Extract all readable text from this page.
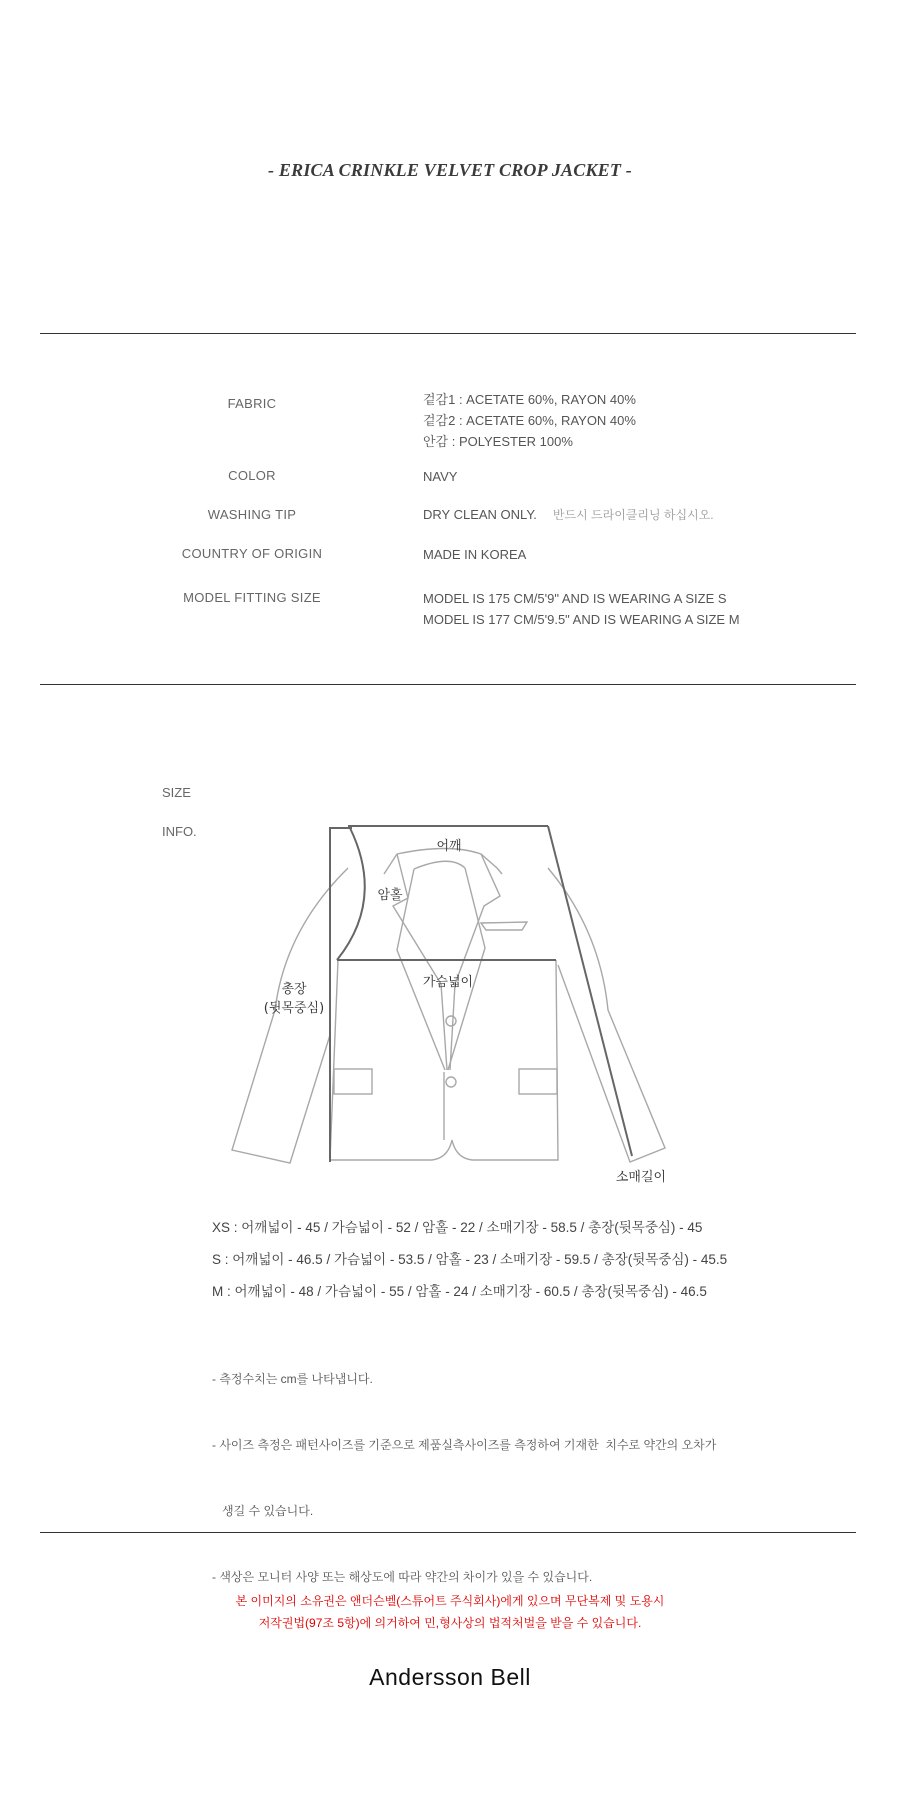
- ERICA CRINKLE VELVET CROP JACKET -
FABRIC	겉감1 : ACETATE 60%, RAYON 40%
겉감2 : ACETATE 60%, RAYON 40%
안감 : POLYESTER 100%
COLOR	NAVY
WASHING TIP	DRY CLEAN ONLY. 반드시 드라이클리닝 하십시오.
COUNTRY OF ORIGIN	MADE IN KOREA
MODEL FITTING SIZE	MODEL IS 175 CM/5'9" AND IS WEARING A SIZE S
MODEL IS 177 CM/5'9.5" AND IS WEARING A SIZE M
SIZE
INFO.
어깨
암홀
가슴넓이
총장
(뒷목중심)
소매길이
XS : 어깨넓이 - 45 / 가슴넓이 - 52 / 암홀 - 22 / 소매기장 - 58.5 / 총장(뒷목중심) - 45
S : 어깨넓이 - 46.5 / 가슴넓이 - 53.5 / 암홀 - 23 / 소매기장 - 59.5 / 총장(뒷목중심) - 45.5
M : 어깨넓이 - 48 / 가슴넓이 - 55 / 암홀 - 24 / 소매기장 - 60.5 / 총장(뒷목중심) - 46.5

- 측정수치는 cm를 나타냅니다.

- 사이즈 측정은 패턴사이즈를 기준으로 제품실측사이즈를 측정하여 기재한  치수로 약간의 오차가

생길 수 있습니다.

- 색상은 모니터 사양 또는 해상도에 따라 약간의 차이가 있을 수 있습니다.

본 이미지의 소유권은 앤더슨벨(스튜어트 주식회사)에게 있으며 무단복제 및 도용시
저작권법(97조 5항)에 의거하여 민,형사상의 법적처벌을 받을 수 있습니다.
Andersson Bell
